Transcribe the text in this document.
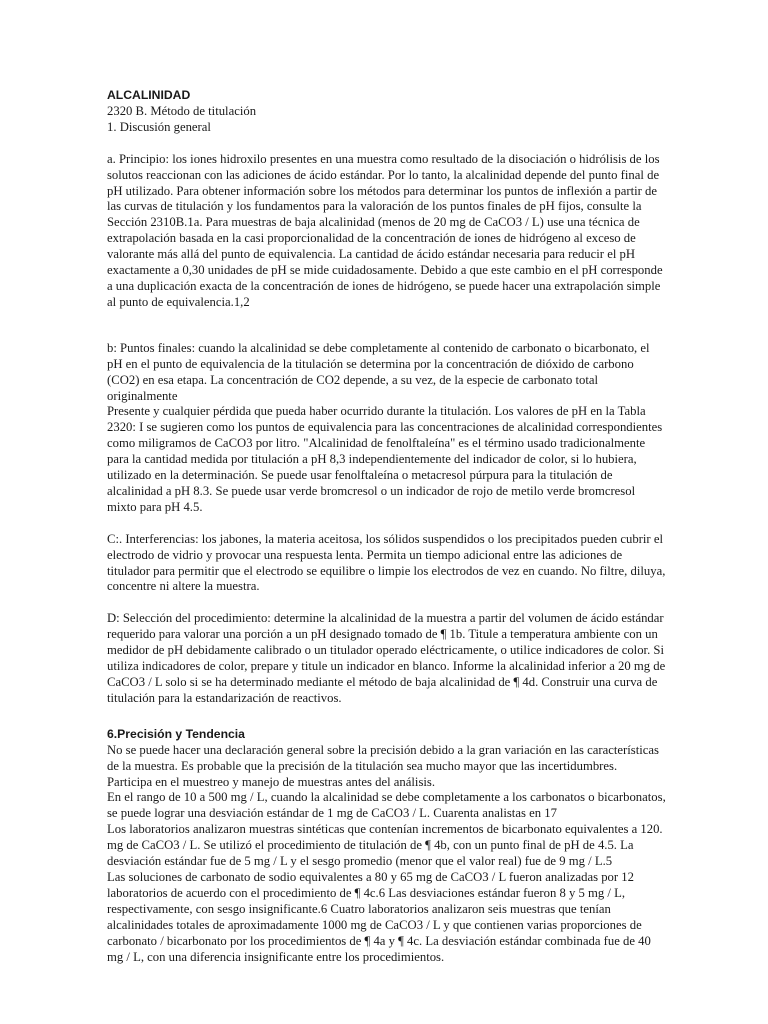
ALCALINIDAD
2320 B. Método de titulación
1. Discusión general
a. Principio: los iones hidroxilo presentes en una muestra como resultado de la disociación o hidrólisis de los
solutos reaccionan con las adiciones de ácido estándar. Por lo tanto, la alcalinidad depende del punto final de
pH utilizado. Para obtener información sobre los métodos para determinar los puntos de inflexión a partir de
las curvas de titulación y los fundamentos para la valoración de los puntos finales de pH fijos, consulte la
Sección 2310B.1a. Para muestras de baja alcalinidad (menos de 20 mg de CaCO3 / L) use una técnica de
extrapolación basada en la casi proporcionalidad de la concentración de iones de hidrógeno al exceso de
valorante más allá del punto de equivalencia. La cantidad de ácido estándar necesaria para reducir el pH
exactamente a 0,30 unidades de pH se mide cuidadosamente. Debido a que este cambio en el pH corresponde
a una duplicación exacta de la concentración de iones de hidrógeno, se puede hacer una extrapolación simple
al punto de equivalencia.1,2
b: Puntos finales: cuando la alcalinidad se debe completamente al contenido de carbonato o bicarbonato, el
pH en el punto de equivalencia de la titulación se determina por la concentración de dióxido de carbono
(CO2) en esa etapa. La concentración de CO2 depende, a su vez, de la especie de carbonato total
originalmente
Presente y cualquier pérdida que pueda haber ocurrido durante la titulación. Los valores de pH en la Tabla
2320: I se sugieren como los puntos de equivalencia para las concentraciones de alcalinidad correspondientes
como miligramos de CaCO3 por litro. "Alcalinidad de fenolftaleína" es el término usado tradicionalmente
para la cantidad medida por titulación a pH 8,3 independientemente del indicador de color, si lo hubiera,
utilizado en la determinación. Se puede usar fenolftaleína o metacresol púrpura para la titulación de
alcalinidad a pH 8.3. Se puede usar verde bromcresol o un indicador de rojo de metilo verde bromcresol
mixto para pH 4.5.
C:. Interferencias: los jabones, la materia aceitosa, los sólidos suspendidos o los precipitados pueden cubrir el
electrodo de vidrio y provocar una respuesta lenta. Permita un tiempo adicional entre las adiciones de
titulador para permitir que el electrodo se equilibre o limpie los electrodos de vez en cuando. No filtre, diluya,
concentre ni altere la muestra.
D: Selección del procedimiento: determine la alcalinidad de la muestra a partir del volumen de ácido estándar
requerido para valorar una porción a un pH designado tomado de ¶ 1b. Titule a temperatura ambiente con un
medidor de pH debidamente calibrado o un titulador operado eléctricamente, o utilice indicadores de color. Si
utiliza indicadores de color, prepare y titule un indicador en blanco. Informe la alcalinidad inferior a 20 mg de
CaCO3 / L solo si se ha determinado mediante el método de baja alcalinidad de ¶ 4d. Construir una curva de
titulación para la estandarización de reactivos.
6.Precisión y Tendencia
No se puede hacer una declaración general sobre la precisión debido a la gran variación en las características
de la muestra. Es probable que la precisión de la titulación sea mucho mayor que las incertidumbres.
Participa en el muestreo y manejo de muestras antes del análisis.
En el rango de 10 a 500 mg / L, cuando la alcalinidad se debe completamente a los carbonatos o bicarbonatos,
se puede lograr una desviación estándar de 1 mg de CaCO3 / L. Cuarenta analistas en 17
Los laboratorios analizaron muestras sintéticas que contenían incrementos de bicarbonato equivalentes a 120.
mg de CaCO3 / L. Se utilizó el procedimiento de titulación de ¶ 4b, con un punto final de pH de 4.5. La
desviación estándar fue de 5 mg / L y el sesgo promedio (menor que el valor real) fue de 9 mg / L.5
Las soluciones de carbonato de sodio equivalentes a 80 y 65 mg de CaCO3 / L fueron analizadas por 12
laboratorios de acuerdo con el procedimiento de ¶ 4c.6 Las desviaciones estándar fueron 8 y 5 mg / L,
respectivamente, con sesgo insignificante.6 Cuatro laboratorios analizaron seis muestras que tenían
alcalinidades totales de aproximadamente 1000 mg de CaCO3 / L y que contienen varias proporciones de
carbonato / bicarbonato por los procedimientos de ¶ 4a y ¶ 4c. La desviación estándar combinada fue de 40
mg / L, con una diferencia insignificante entre los procedimientos.
